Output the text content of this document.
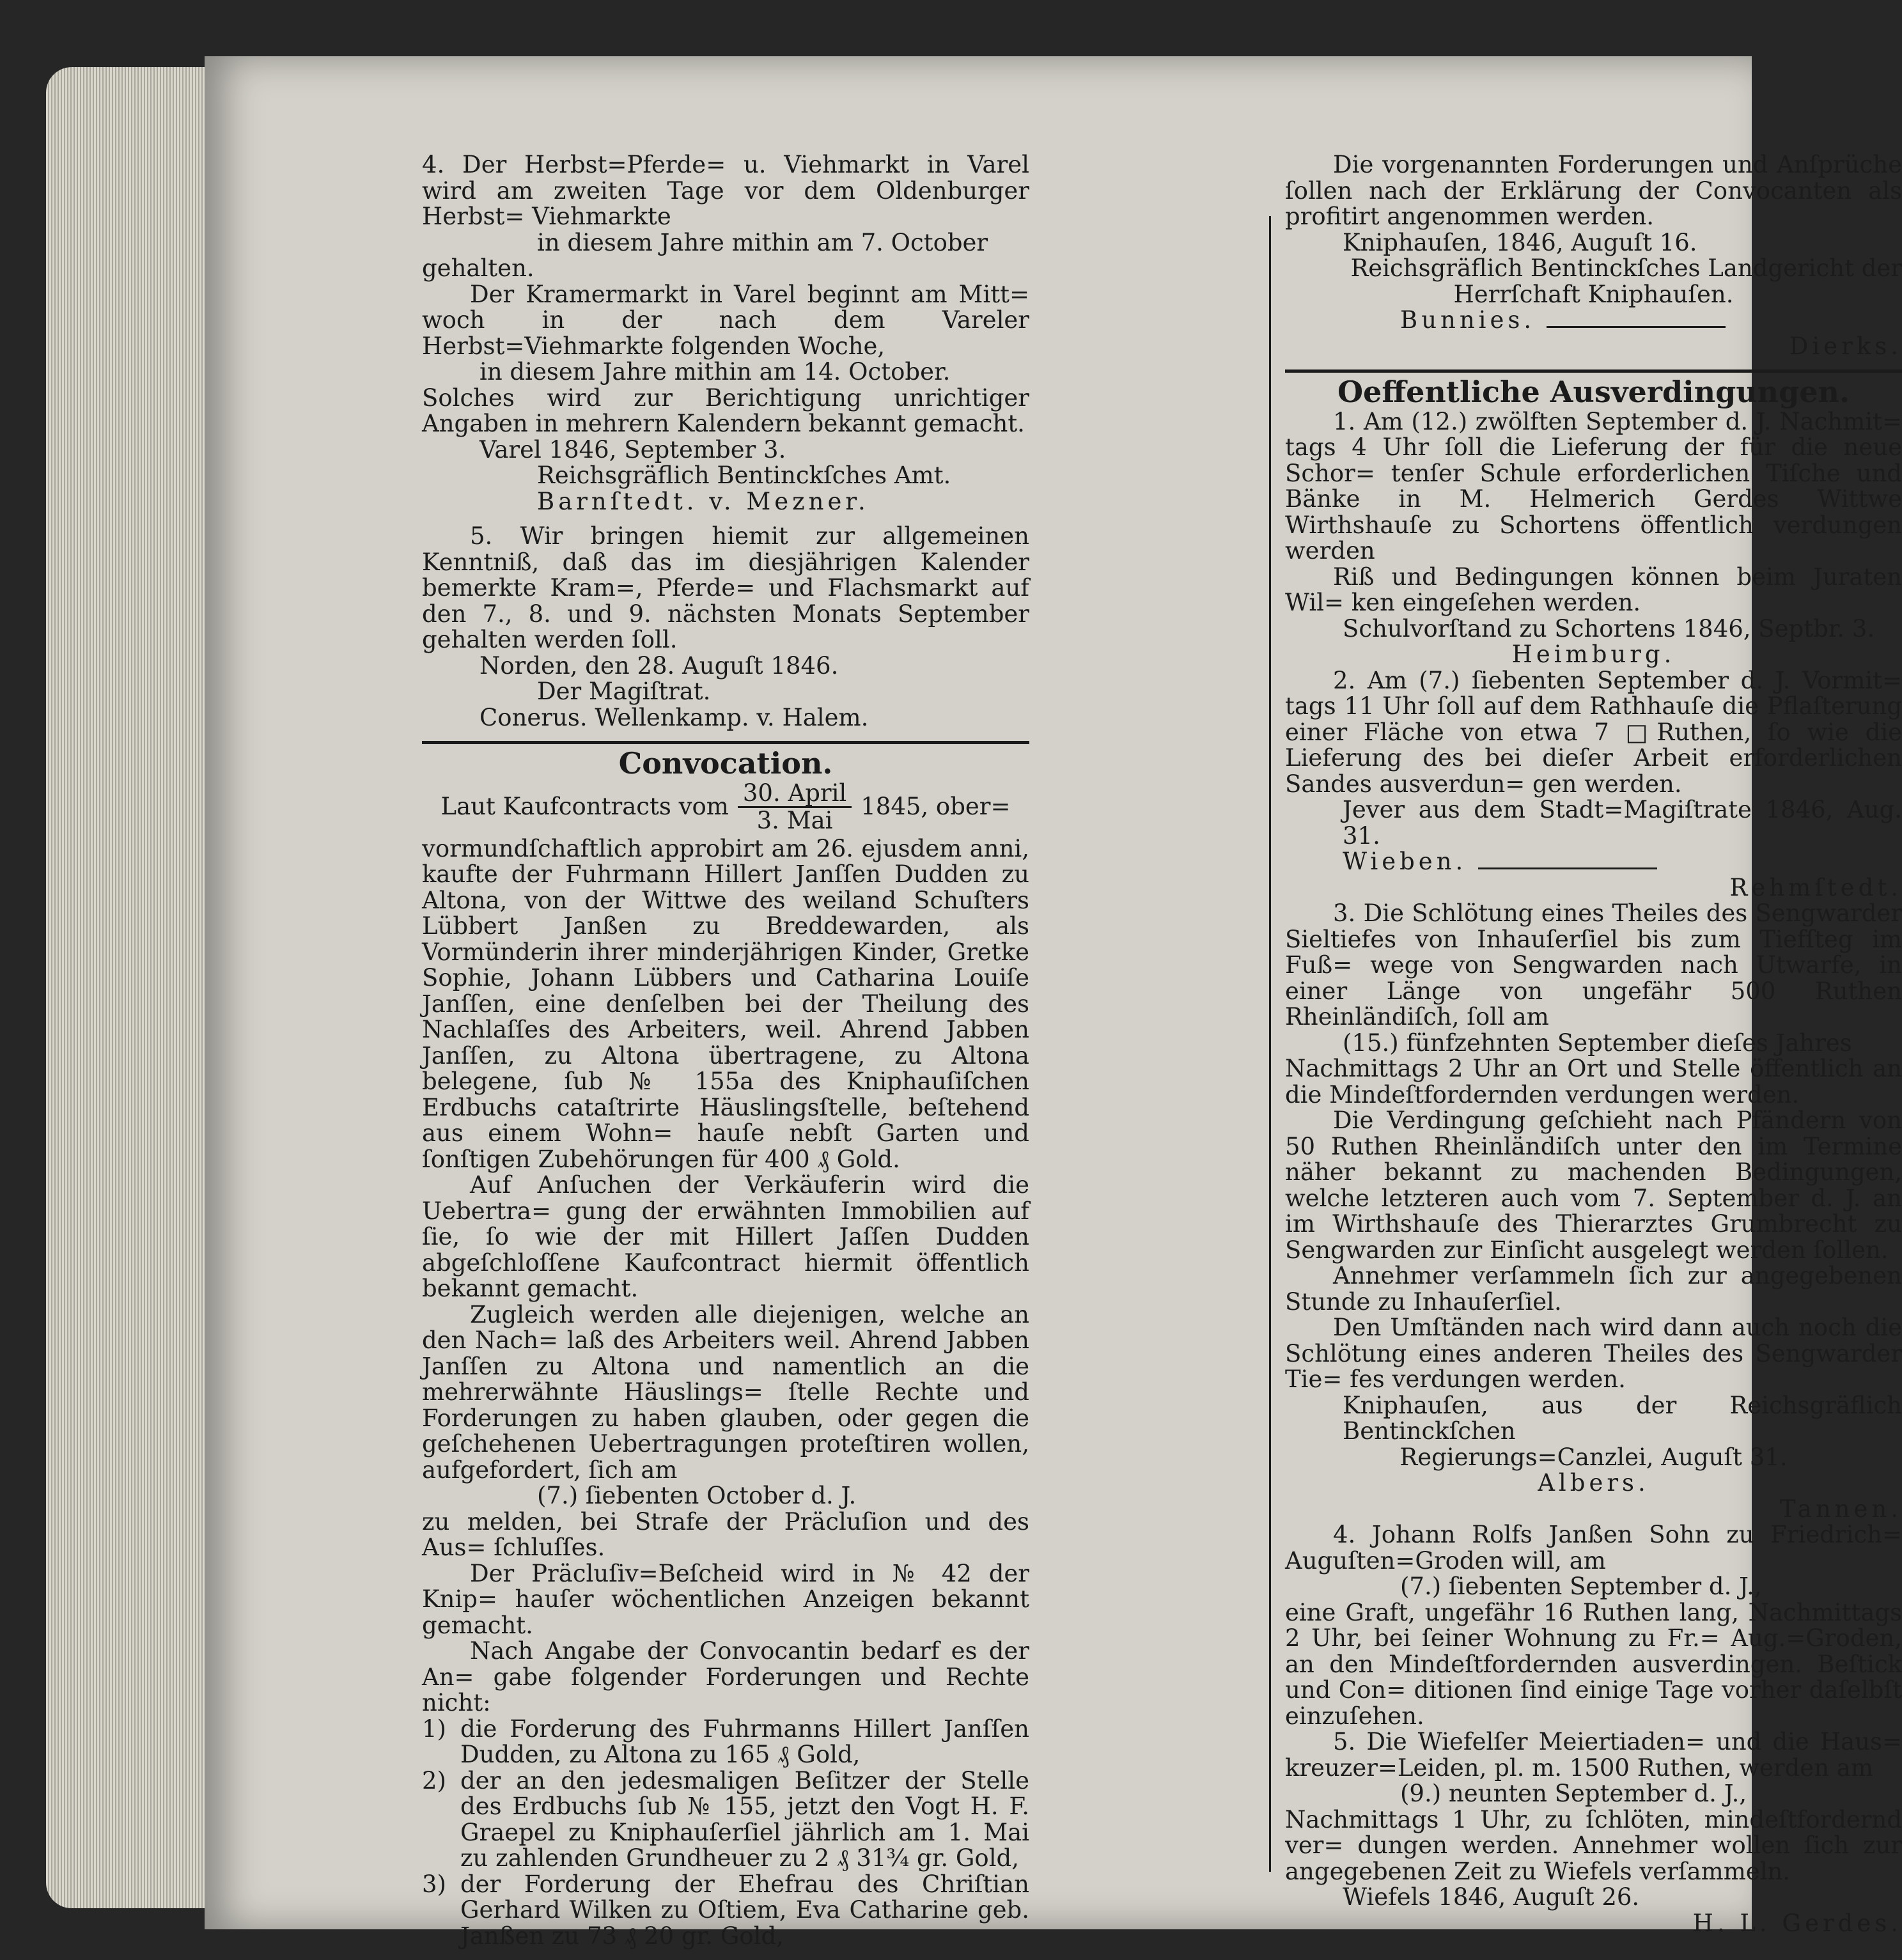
4. Der Herbst=Pferde= u. Viehmarkt in Varel wird am zweiten Tage vor dem Oldenburger Herbst= Viehmarkte

in diesem Jahre mithin am 7. October

gehalten.

Der Kramermarkt in Varel beginnt am Mitt= woch in der nach dem Vareler Herbst=Viehmarkte folgenden Woche,

in diesem Jahre mithin am 14. October.

Solches wird zur Berichtigung unrichtiger Angaben in mehrern Kalendern bekannt gemacht.

Varel 1846, September 3.

Reichsgräflich Bentinckſches Amt.

Barnſtedt. v. Mezner.

5. Wir bringen hiemit zur allgemeinen Kenntniß, daß das im diesjährigen Kalender bemerkte Kram=, Pferde= und Flachsmarkt auf den 7., 8. und 9. nächsten Monats September gehalten werden ſoll.

Norden, den 28. Auguſt 1846.

Der Magiſtrat.

Conerus. Wellenkamp. v. Halem.

Convocation.
Laut Kaufcontracts vom $\frac{\text{30. April}}{\text{3. Mai}} 1845$, ober=

vormundſchaftlich approbirt am 26. ejusdem anni, kaufte der Fuhrmann Hillert Janſſen Dudden zu Altona, von der Wittwe des weiland Schuſters Lübbert Janßen zu Breddewarden, als Vormünderin ihrer minderjährigen Kinder, Gretke Sophie, Johann Lübbers und Catharina Louiſe Janſſen, eine denſelben bei der Theilung des Nachlaſſes des Arbeiters, weil. Ahrend Jabben Janſſen, zu Altona übertragene, zu Altona belegene, ſub № 155a des Kniphauſiſchen Erdbuchs cataſtrirte Häuslingsſtelle, beſtehend aus einem Wohn= hauſe nebſt Garten und ſonſtigen Zubehörungen für 400 ₰ Gold.

Auf Anſuchen der Verkäuferin wird die Uebertra= gung der erwähnten Immobilien auf ſie, ſo wie der mit Hillert Jaſſen Dudden abgeſchloſſene Kaufcontract hiermit öffentlich bekannt gemacht.

Zugleich werden alle diejenigen, welche an den Nach= laß des Arbeiters weil. Ahrend Jabben Janſſen zu Altona und namentlich an die mehrerwähnte Häuslings= ſtelle Rechte und Forderungen zu haben glauben, oder gegen die geſchehenen Uebertragungen proteſtiren wollen, aufgefordert, ſich am

(7.) ſiebenten October d. J.

zu melden, bei Strafe der Präcluſion und des Aus= ſchluſſes.

Der Präcluſiv=Beſcheid wird in № 42 der Knip= hauſer wöchentlichen Anzeigen bekannt gemacht.

Nach Angabe der Convocantin bedarf es der An= gabe folgender Forderungen und Rechte nicht:

1) die Forderung des Fuhrmanns Hillert Janſſen Dudden, zu Altona zu 165 ₰ Gold,
2) der an den jedesmaligen Beſitzer der Stelle des Erdbuchs ſub № 155, jetzt den Vogt H. F. Graepel zu Kniphauſerſiel jährlich am 1. Mai zu zahlenden Grundheuer zu 2 ₰ 31¾ gr. Gold,
3) der Forderung der Ehefrau des Chriſtian Gerhard Wilken zu Oſtiem, Eva Catharine geb. Janßen zu 73 ₰ 20 gr. Gold,

Die vorgenannten Forderungen und Anſprüche ſollen nach der Erklärung der Convocanten als profitirt angenommen werden.

Kniphauſen, 1846, Auguſt 16.

Reichsgräflich Bentinckſches Landgericht der

Herrſchaft Kniphauſen.

Bunnies.

Dierks.

Oeffentliche Ausverdingungen.

1. Am (12.) zwölften September d. J. Nachmit= tags 4 Uhr ſoll die Lieferung der für die neue Schor= tenſer Schule erforderlichen Tiſche und Bänke in M. Helmerich Gerdes Wittwe Wirthshauſe zu Schortens öffentlich verdungen werden

Riß und Bedingungen können beim Juraten Wil= ken eingeſehen werden.

Schulvorſtand zu Schortens 1846, Septbr. 3.

Heimburg.

2. Am (7.) ſiebenten September d. J. Vormit= tags 11 Uhr ſoll auf dem Rathhauſe die Pflaſterung einer Fläche von etwa 7 □Ruthen, ſo wie die Lieferung des bei dieſer Arbeit erforderlichen Sandes ausverdun= gen werden.

Jever aus dem Stadt=Magiſtrate 1846, Aug. 31.

Wieben.

Rehmſtedt.

3. Die Schlötung eines Theiles des Sengwarder Sieltiefes von Inhauſerſiel bis zum Tiefſteg im Fuß= wege von Sengwarden nach Utwarfe, in einer Länge von ungefähr 500 Ruthen Rheinländiſch, ſoll am

(15.) fünfzehnten September dieſes Jahres

Nachmittags 2 Uhr an Ort und Stelle öffentlich an die Mindeſtfordernden verdungen werden.

Die Verdingung geſchieht nach Pfändern von 50 Ruthen Rheinländiſch unter den im Termine näher bekannt zu machenden Bedingungen, welche letzteren auch vom 7. September d. J. an im Wirthshauſe des Thierarztes Grumbrecht zu Sengwarden zur Einſicht ausgelegt werden ſollen.

Annehmer verſammeln ſich zur angegebenen Stunde zu Inhauſerſiel.

Den Umſtänden nach wird dann auch noch die Schlötung eines anderen Theiles des Sengwarder Tie= fes verdungen werden.

Kniphauſen, aus der Reichsgräflich Bentinckſchen

Regierungs=Canzlei, Auguſt 31.

Albers.

Tannen.

4. Johann Rolfs Janßen Sohn zu Friedrich= Auguſten=Groden will, am

(7.) ſiebenten September d. J.,

eine Graft, ungefähr 16 Ruthen lang, Nachmittags 2 Uhr, bei ſeiner Wohnung zu Fr.= Aug.=Groden, an den Mindeſtfordernden ausverdingen. Beſtick und Con= ditionen ſind einige Tage vorher daſelbſt einzuſehen.

5. Die Wiefelſer Meiertiaden= und die Haus= kreuzer=Leiden, pl. m. 1500 Ruthen, werden am

(9.) neunten September d. J.,

Nachmittags 1 Uhr, zu ſchlöten, mindeſtfordernd ver= dungen werden. Annehmer wollen ſich zur angegebenen Zeit zu Wiefels verſammeln.

Wiefels 1846, Auguſt 26.

H. L. Gerdes.
